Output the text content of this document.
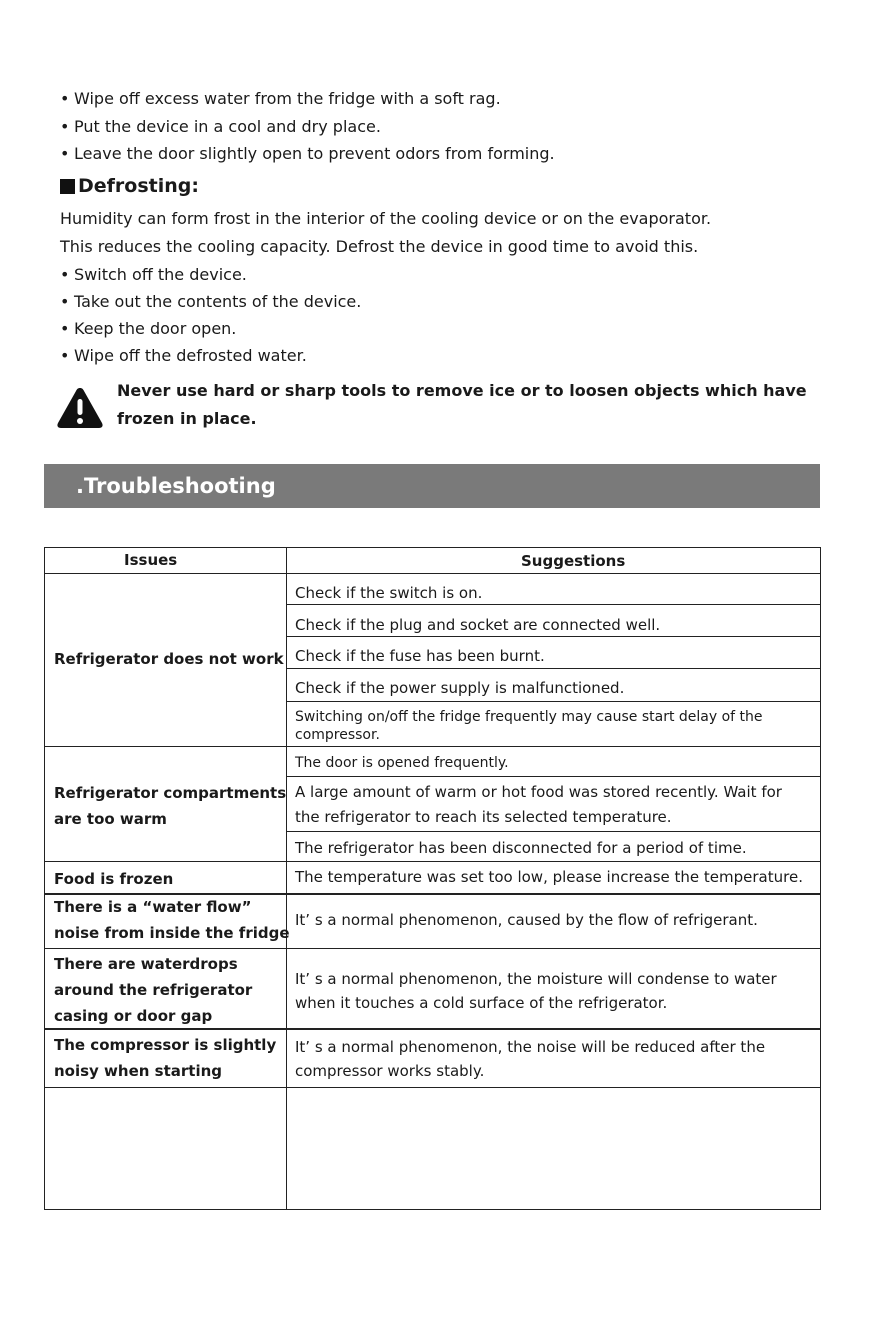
• Wipe off excess water from the fridge with a soft rag.
• Put the device in a cool and dry place.
• Leave the door slightly open to prevent odors from forming.
Defrosting:
Humidity can form frost in the interior of the cooling device or on the evaporator.
This reduces the cooling capacity. Defrost the device in good time to avoid this.
• Switch off the device.
• Take out the contents of the device.
• Keep the door open.
• Wipe off the defrosted water.
Never use hard or sharp tools to remove ice or to loosen objects which have
frozen in place.
.Troubleshooting
Issues	Suggestions
Refrigerator does not work
Refrigerator compartments
are too warm
Food is frozen
There is a “water flow”
noise from inside the fridge
There are waterdrops
around the refrigerator
casing or door gap
The compressor is slightly
noisy when starting
Check if the switch is on.
Check if the plug and socket are connected well.
Check if the fuse has been burnt.
Check if the power supply is malfunctioned.
Switching on/off the fridge frequently may cause start delay of the
compressor.
The door is opened frequently.
A large amount of warm or hot food was stored recently. Wait for
the refrigerator to reach its selected temperature.
The refrigerator has been disconnected for a period of time.
The temperature was set too low, please increase the temperature.
It’ s a normal phenomenon, caused by the flow of refrigerant.
It’ s a normal phenomenon, the moisture will condense to water
when it touches a cold surface of the refrigerator.
It’ s a normal phenomenon, the noise will be reduced after the
compressor works stably.
